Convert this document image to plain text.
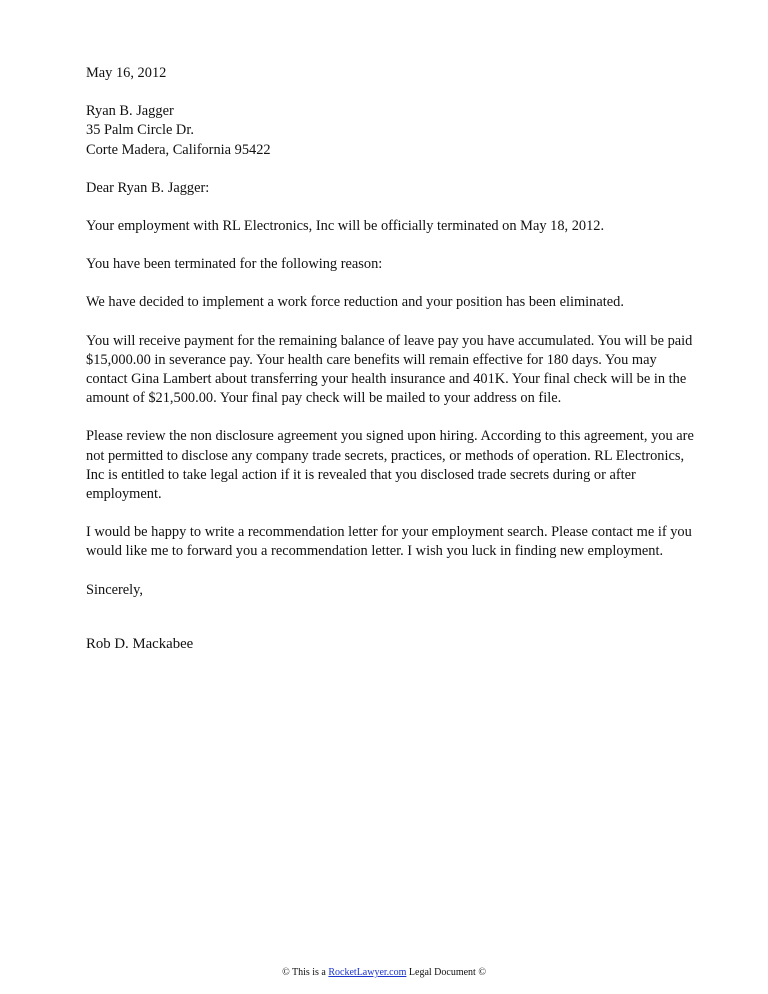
May 16, 2012

Ryan B. Jagger
35 Palm Circle Dr.
Corte Madera, California 95422

Dear Ryan B. Jagger:

Your employment with RL Electronics, Inc will be officially terminated on May 18, 2012.

You have been terminated for the following reason:

We have decided to implement a work force reduction and your position has been eliminated.

You will receive payment for the remaining balance of leave pay you have accumulated. You will be paid $15,000.00 in severance pay. Your health care benefits will remain effective for 180 days. You may contact Gina Lambert about transferring your health insurance and 401K. Your final check will be in the amount of $21,500.00. Your final pay check will be mailed to your address on file.

Please review the non disclosure agreement you signed upon hiring. According to this agreement, you are not permitted to disclose any company trade secrets, practices, or methods of operation. RL Electronics, Inc is entitled to take legal action if it is revealed that you disclosed trade secrets during or after employment.

I would be happy to write a recommendation letter for your employment search. Please contact me if you would like me to forward you a recommendation letter. I wish you luck in finding new employment.

Sincerely,

Rob D. Mackabee

© This is a RocketLawyer.com Legal Document ©
